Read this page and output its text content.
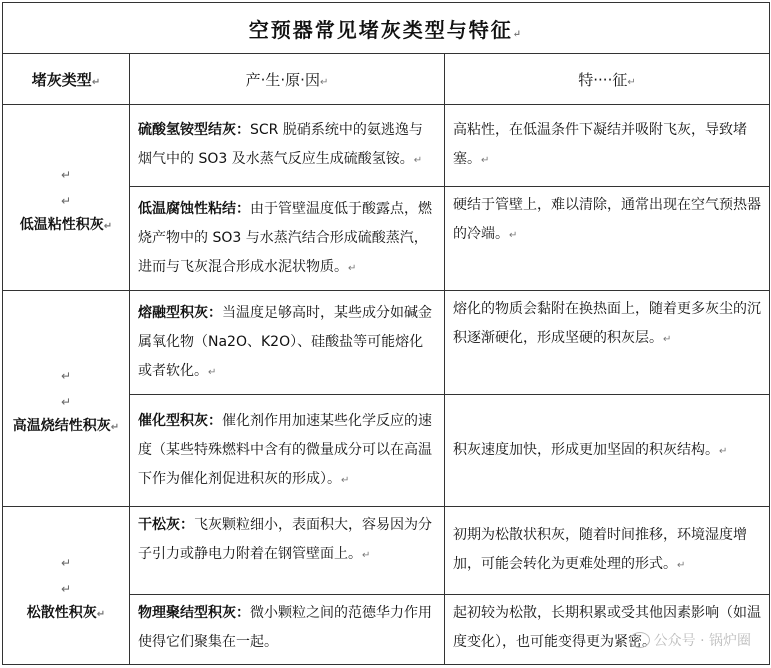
空预器常见堵灰类型与特征↵		
堵灰类型↵	产·生·原·因↵	特····征↵

↵
↵
低温粘性积灰↵	硫酸氢铵型结灰：SCR 脱硝系统中的氨逃逸与烟气中的 SO3 及水蒸气反应生成硫酸氢铵。↵	高粘性，在低温条件下凝结并吸附飞灰，导致堵塞。↵
	低温腐蚀性粘结：由于管壁温度低于酸露点，燃烧产物中的 SO3 与水蒸汽结合形成硫酸蒸汽，进而与飞灰混合形成水泥状物质。↵	硬结于管壁上，难以清除，通常出现在空气预热器的冷端。↵

↵
↵
高温烧结性积灰↵	熔融型积灰：当温度足够高时，某些成分如碱金属氧化物（Na2O、K2O）、硅酸盐等可能熔化或者软化。↵	熔化的物质会黏附在换热面上，随着更多灰尘的沉积逐渐硬化，形成坚硬的积灰层。↵
	催化型积灰：催化剂作用加速某些化学反应的速度（某些特殊燃料中含有的微量成分可以在高温下作为催化剂促进积灰的形成）。↵	积灰速度加快，形成更加坚固的积灰结构。↵

↵
↵
松散性积灰↵	干松灰：飞灰颗粒细小，表面积大，容易因为分子引力或静电力附着在钢管壁面上。↵	初期为松散状积灰，随着时间推移，环境湿度增加，可能会转化为更难处理的形式。↵
	物理聚结型积灰：微小颗粒之间的范德华力作用使得它们聚集在一起。	起初较为松散，长期积累或受其他因素影响（如温度变化），也可能变得更为紧密。
公众号 · 锅炉圈
